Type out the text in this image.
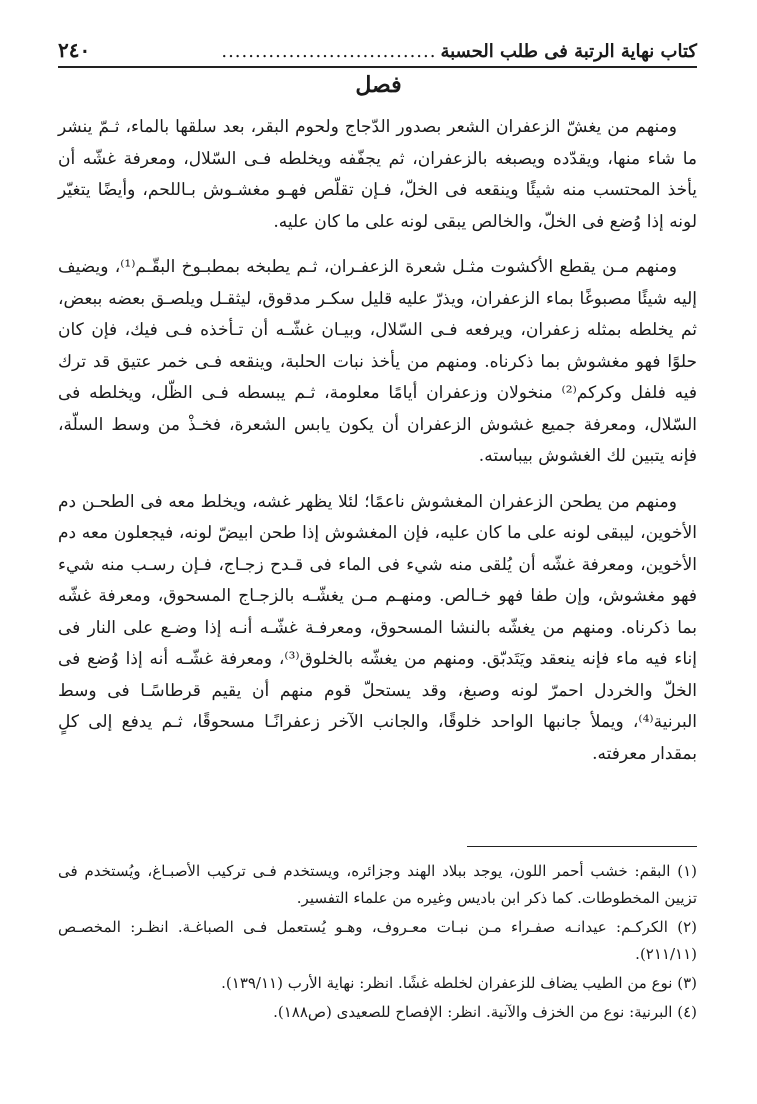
كتاب نهاية الرتبة فى طلب الحسبة
................................
٢٤٠
فصل

ومنهم من يغشّ الزعفران الشعر بصدور الدّجاج ولحوم البقر، بعد سلقها بالماء، ثـمّ ينشر ما شاء منها، ويقدّده ويصبغه بالزعفران، ثم يجفّفه ويخلطه فـى السّلال، ومعرفة غشّه أن يأخذ المحتسب منه شيئًا وينقعه فى الخلّ، فـإن تقلّص فهـو مغشـوش بـاللحم، وأيضًا يتغيّر لونه إذا وُضع فى الخلّ، والخالص يبقى لونه على ما كان عليه.

ومنهم مـن يقطع الأكشوت مثـل شعرة الزعفـران، ثـم يطبخه بمطبـوخ البقّـم⁽¹⁾، ويضيف إليه شيئًا مصبوغًا بماء الزعفران، ويذرّ عليه قليل سكـر مدقوق، ليثقـل ويلصـق بعضه ببعض، ثم يخلطه بمثله زعفران، ويرفعه فـى السّلال، وبيـان غشّـه أن تـأخذه فـى فيك، فإن كان حلوًا فهو مغشوش بما ذكرناه. ومنهم من يأخذ نبات الحلبة، وينقعه فـى خمر عتيق قد ترك فيه فلفل وكركم⁽²⁾ منخولان وزعفران أيامًا معلومة، ثـم يبسطه فـى الظّل، ويخلطه فى السّلال، ومعرفة جميع غشوش الزعفران أن يكون يابس الشعرة، فخـذْ من وسط السلّة، فإنه يتبين لك الغشوش بيباسته.

ومنهم من يطحن الزعفران المغشوش ناعمًا؛ لئلا يظهر غشه، ويخلط معه فى الطحـن دم الأخوين، ليبقى لونه على ما كان عليه، فإن المغشوش إذا طحن ابيضّ لونه، فيجعلون معه دم الأخوين، ومعرفة غشّه أن يُلقى منه شيء فى الماء فى قـدح زجـاج، فـإن رسـب منه شيء فهو مغشوش، وإن طفا فهو خـالص. ومنهـم مـن يغشّـه بالزجـاج المسحوق، ومعرفة غشّه بما ذكرناه. ومنهم من يغشّه بالنشا المسحوق، ومعرفـة غشّـه أنـه إذا وضـع على النار فى إناء فيه ماء فإنه ينعقد ويَتَدبّق. ومنهم من يغشّه بالخلوق⁽³⁾، ومعرفة غشّـه أنه إذا وُضع فى الخلّ والخردل احمرّ لونه وصبغ، وقد يستحلّ قوم منهم أن يقيم قرطاسًـا فى وسط البرنية⁽⁴⁾، ويملأ جانبها الواحد خلوقًا، والجانب الآخر زعفرانًـا مسحوقًا، ثـم يدفع إلى كلٍ بمقدار معرفته.

(١) البقم: خشب أحمر اللون، يوجد ببلاد الهند وجزائره، ويستخدم فـى تركيب الأصبـاغ، ويُستخدم فى تزيين المخطوطات. كما ذكر ابن باديس وغيره من علماء التفسير.

(٢) الكركـم: عيدانـه صفـراء مـن نبـات معـروف، وهـو يُستعمل فـى الصباغـة. انظـر: المخصـص (٢١١/١١).

(٣) نوع من الطيب يضاف للزعفران لخلطه غشًا. انظر: نهاية الأرب (١٣٩/١١).

(٤) البرنية: نوع من الخزف والآنية. انظر: الإفصاح للصعيدى (ص١٨٨).
